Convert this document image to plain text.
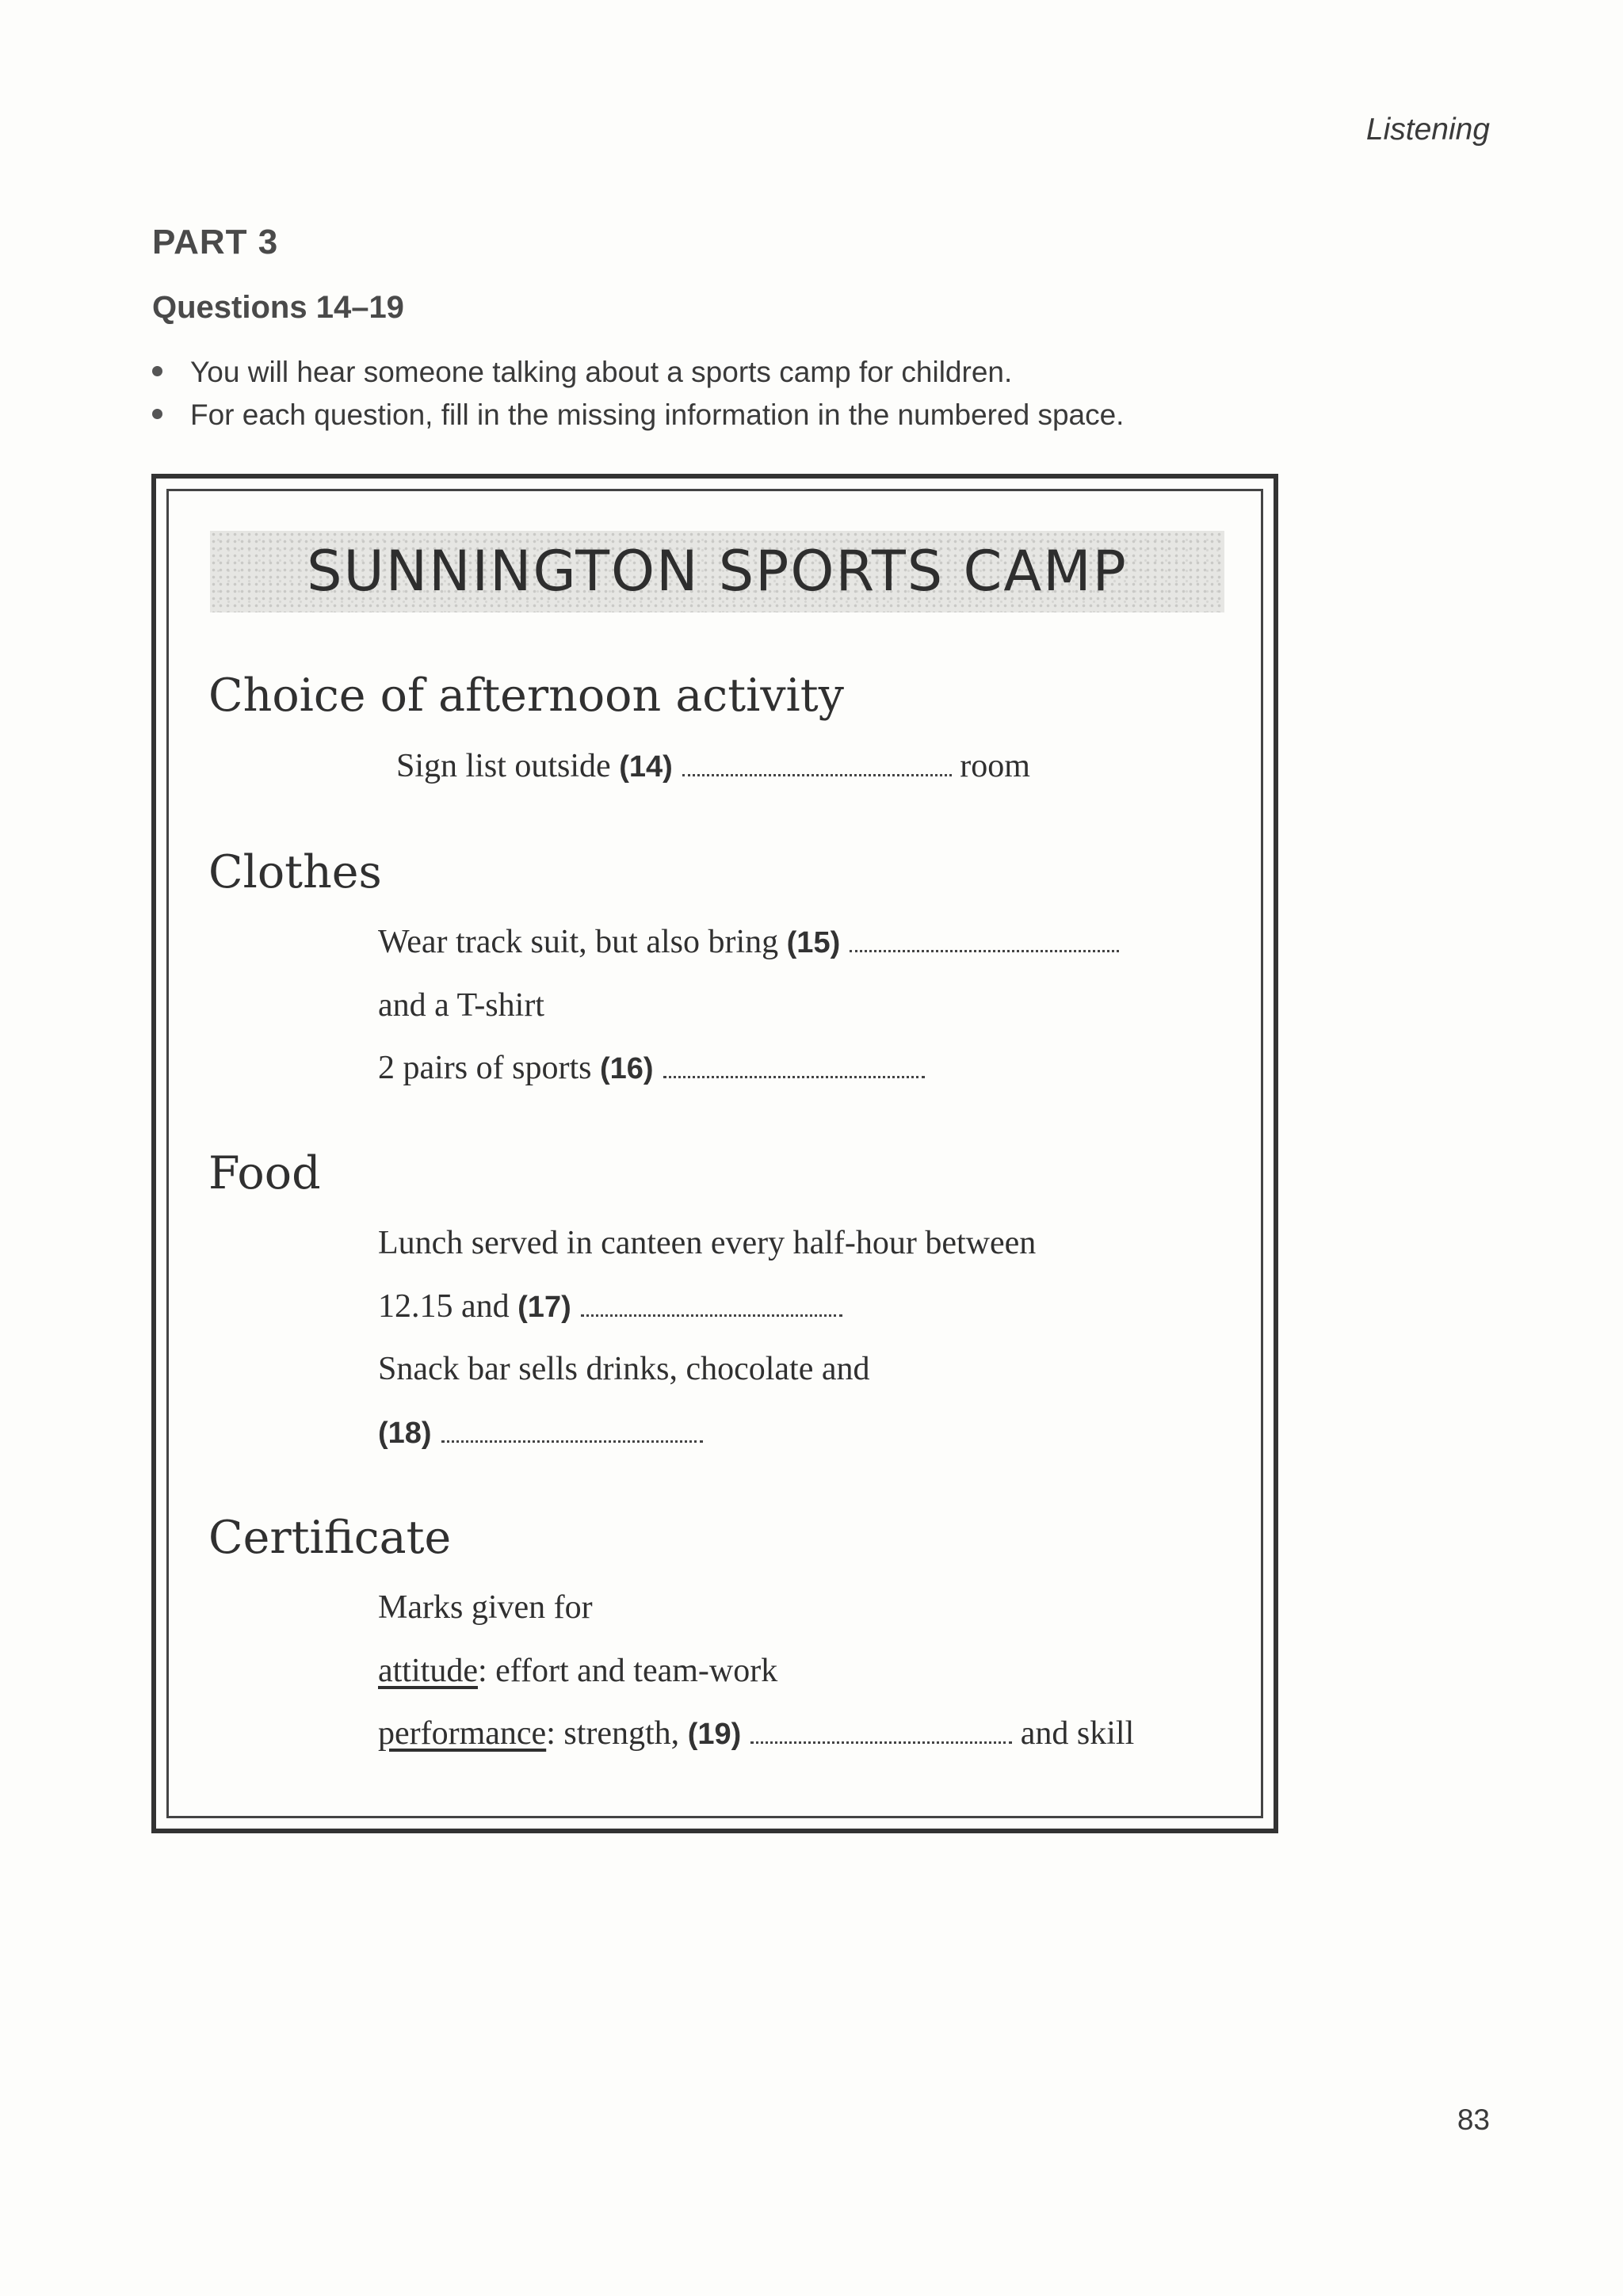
Listening
PART 3
Questions 14–19
You will hear someone talking about a sports camp for children.
For each question, fill in the missing information in the numbered space.
SUNNINGTON SPORTS CAMP
Choice of afternoon activity
Sign list outside (14)	room
Clothes
Wear track suit, but also bring (15)
and a T-shirt
2 pairs of sports (16)
Food
Lunch served in canteen every half-hour between
12.15 and (17)
Snack bar sells drinks, chocolate and
(18)
Certificate
Marks given for
attitude: effort and team-work
performance: strength, (19)	and skill
83
